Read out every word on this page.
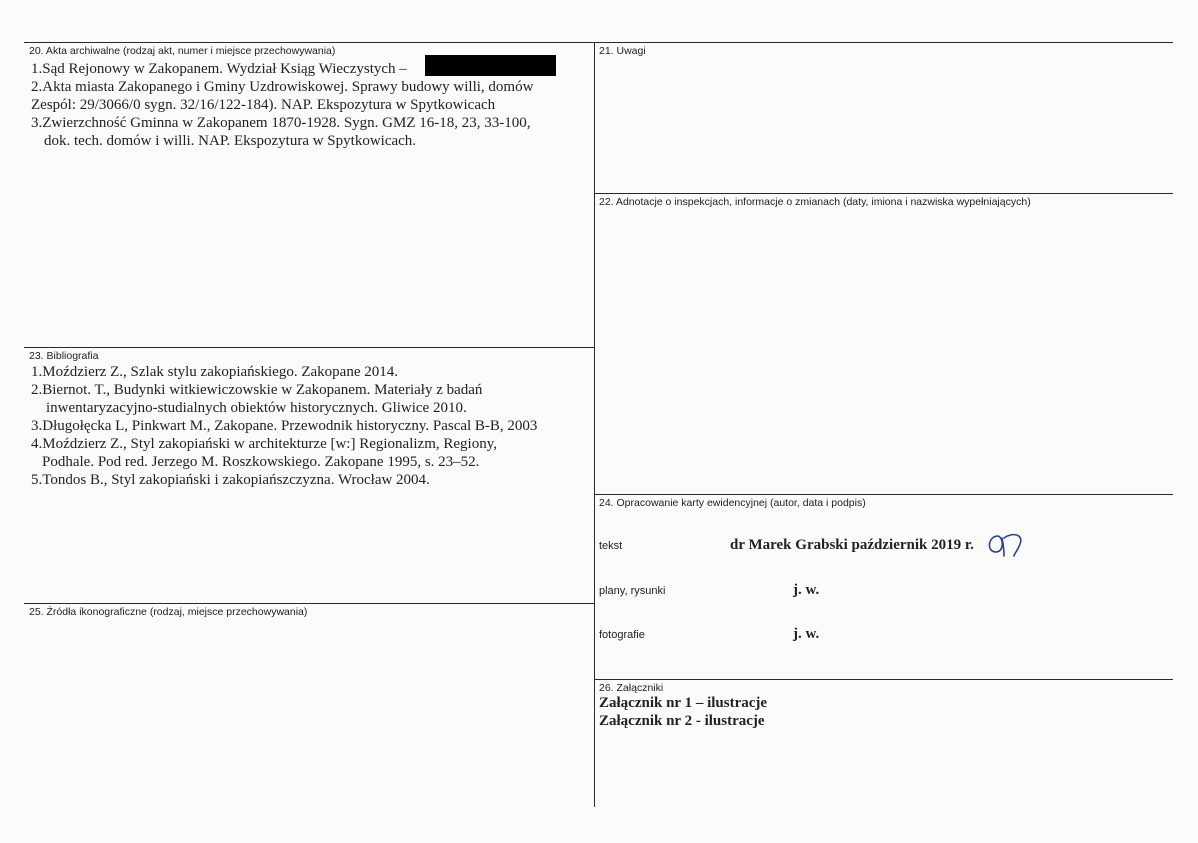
20. Akta archiwalne (rodzaj akt, numer i miejsce przechowywania)
1.Sąd Rejonowy w Zakopanem. Wydział Ksiąg Wieczystych –
2.Akta miasta Zakopanego i Gminy Uzdrowiskowej. Sprawy budowy willi, domów
Zespól: 29/3066/0 sygn. 32/16/122-184). NAP. Ekspozytura w Spytkowicach
3.Zwierzchność Gminna w Zakopanem 1870-1928. Sygn. GMZ 16-18, 23, 33-100,
dok. tech. domów i willi. NAP. Ekspozytura w Spytkowicach.
21. Uwagi
22. Adnotacje o inspekcjach, informacje o zmianach (daty, imiona i nazwiska wypełniających)
23. Bibliografia
1.Moździerz Z., Szlak stylu zakopiańskiego. Zakopane 2014.
2.Biernot. T., Budynki witkiewiczowskie w Zakopanem. Materiały z badań
inwentaryzacyjno-studialnych obiektów historycznych. Gliwice 2010.
3.Długołęcka L, Pinkwart M., Zakopane. Przewodnik historyczny. Pascal B-B, 2003
4.Moździerz Z., Styl zakopiański w architekturze [w:] Regionalizm, Regiony,
Podhale. Pod red. Jerzego M. Roszkowskiego. Zakopane 1995, s. 23–52.
5.Tondos B., Styl zakopiański i zakopiańszczyzna. Wrocław 2004.
24. Opracowanie karty ewidencyjnej (autor, data i podpis)
tekst	dr Marek Grabski październik 2019 r.
plany, rysunki	j. w.
fotografie	j. w.
25. Źródła ikonograficzne (rodzaj, miejsce przechowywania)
26. Załączniki
Załącznik nr 1 – ilustracje
Załącznik nr 2 - ilustracje
